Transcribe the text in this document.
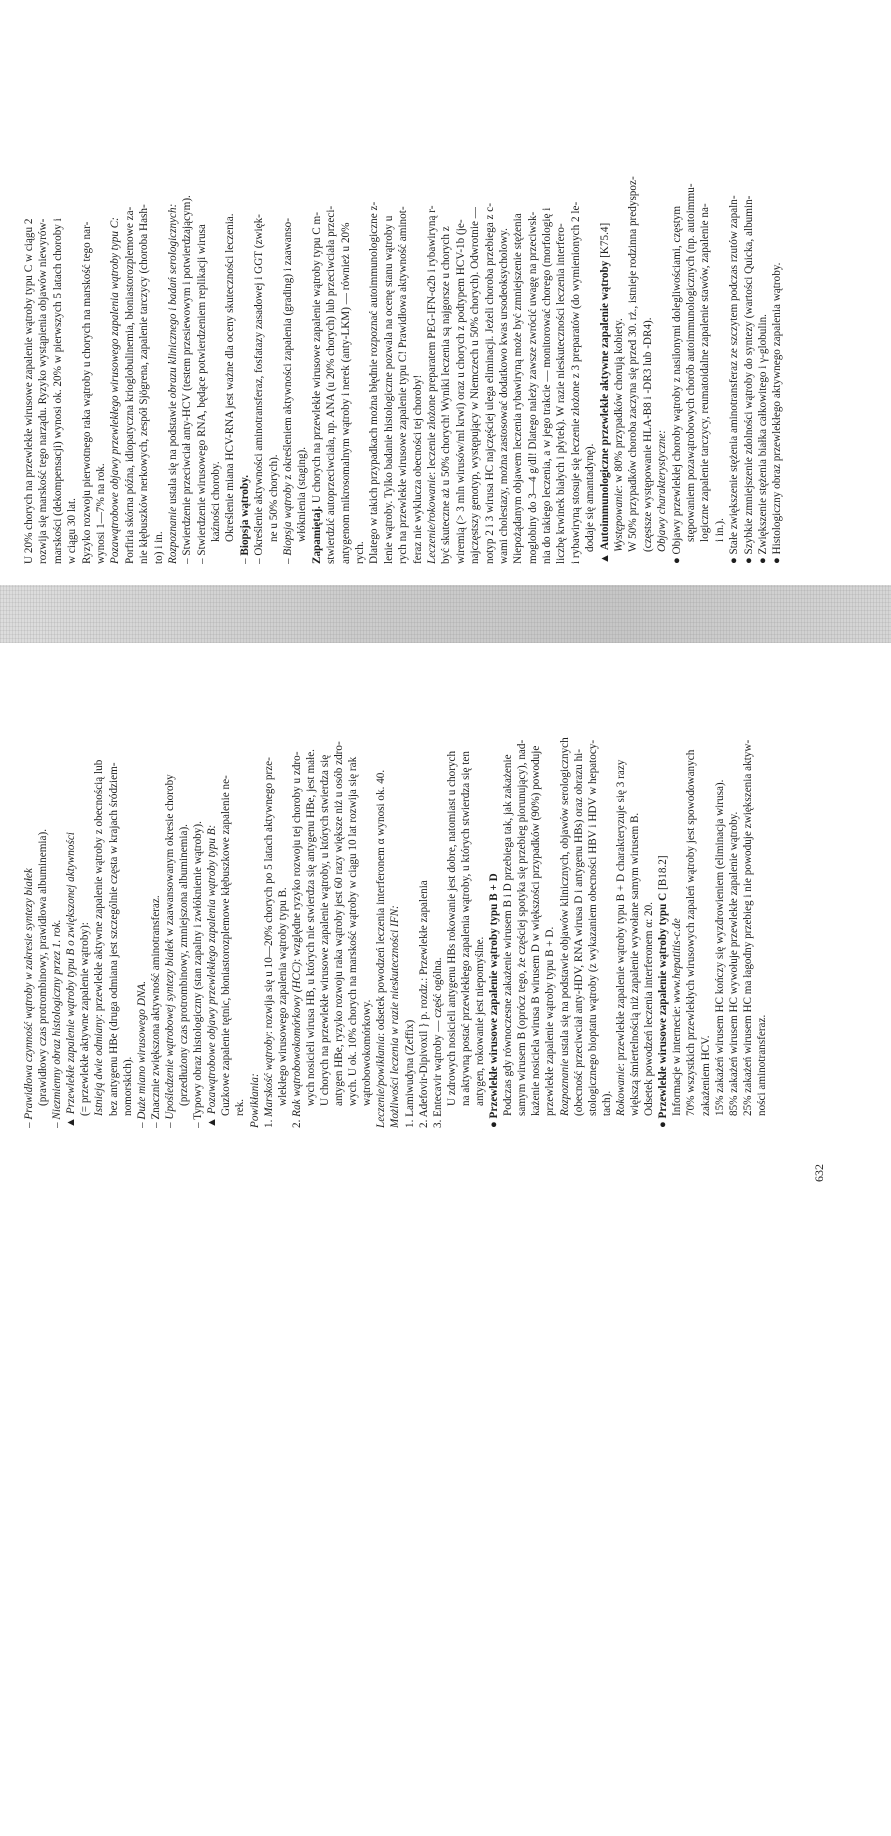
U 20% chorych na przewlekłe wirusowe zapalenie wątroby typu C w ciągu 2 rozwija się marskość tego narządu. Ryzyko wystąpienia objawów niewyrów- marskości (dekompensacji) wynosi ok. 20% w pierwszych 5 latach choroby i w ciągu 30 lat. Ryzyko rozwoju pierwotnego raka wątroby u chorych na marskość tego nar- wynosi 1—7% na rok. Pozawątrobowe objawy przewlekłego wirusowego zapalenia wątroby typu C: Porfiria skórna późna, idiopatyczna krioglobulinemia, błoniastorozplemowe za- nie kłębuszków nerkowych, zespół Sjögrena, zapalenie tarczycy (choroba Hash- to) i in. Rozpoznanie ustala się na podstawie obrazu klinicznego i badań serologicznych: – Stwierdzenie przeciwciał anty-HCV (testem przesiewowym i potwierdzającym). – Stwierdzenie wirusowego RNA, będące potwierdzeniem replikacji wirusa kaźności choroby. Określenie miana HCV-RNA jest ważne dla oceny skuteczności leczenia.
– Biopsja wątroby. – Określenie aktywności aminotransferaz, fosfatazy zasadowej i GGT (zwięk- ne u 50% chorych).
– Biopsja wątroby z określeniem aktywności zapalenia (grading) i zaawanso-
włóknienia (staging). Zapamiętaj. U chorych na przewlekłe wirusowe zapalenie wątroby typu C m- stwierdzić autoprzeciwciała, np. ANA (u 20% chorych) lub przeciwciała przeci- antygenom mikrosomalnym wątroby i nerek (anty-LKM) — również u 20% rych. Dlatego w takich przypadkach można błędnie rozpoznać autoimmunologiczne z- lenie wątroby. Tylko badanie histologiczne pozwala na ocenę stanu wątroby u rych na przewlekłe wirusowe zapalenie typu C! Prawidłowa aktywność aminot- feraz nie wyklucza obecności tej choroby! Leczenie/rokowanie: leczenie złożone preparatem PEG-IFN-α2b i rybawiryną r- być skuteczne aż u 50% chorych! Wyniki leczenia są najgorsze u chorych z wiremią (> 3 mln wirusów/ml krwi) oraz u chorych z podtypem HCV-1b (je- najczęstszy genotyp, występujący w Niemczech u 50% chorych). Odwrotnie — notyp 2 i 3 wirusa HC najczęściej ulega eliminacji. Jeżeli choroba przebiega z c- wami cholestazy, można zastosować dodatkowo kwas ursodeoksycholowy. Niepożądanym objawem leczenia rybawiryną może być zmniejszenie stężenia moglobiny do 3—4 g/dl! Dlatego należy zawsze zwrócić uwagę na przeciwsk- nia do takiego leczenia, a w jego trakcie — monitorować chorego (morfologię i liczbę krwinek białych i płytek). W razie nieskuteczności leczenia interfero- i rybawiryną stosuje się leczenie złożone z 3 preparatów (do wymienionych 2 le- dodaje się amantadynę).
▲ Autoimmunologiczne przewlekłe aktywne zapalenie wątroby [K75.4]
Występowanie: w 80% przypadków chorują kobiety. W 50% przypadków choroba zaczyna się przed 30. rż., istnieje rodzinna predyspoz- (częstsze występowanie HLA-B8 i -DR3 lub -DR4). Objawy charakterystyczne: ● Objawy przewlekłej choroby wątroby z nasilonymi dolegliwościami, częstym stępowaniem pozawątrobowych chorób autoimmunologicznych (np. autoimmu- logiczne zapalenie tarczycy, reumatoidalne zapalenie stawów, zapalenie na- i in.). ● Stałe zwiększenie stężenia aminotransferaz ze szczytem podczas rzutów zapaln- ● Szybkie zmniejszenie zdolności wątroby do syntezy (wartości Quicka, albumin- ● Zwiększenie stężenia białka całkowitego i γ-globulin. ● Histologiczny obraz przewlekłego aktywnego zapalenia wątroby.
– Prawidłowa czynność wątroby w zakresie syntezy białek (prawidłowy czas protrombinowy, prawidłowa albuminemia).
– Niezmienny obraz histologiczny przez 1. rok.
▲ Przewlekłe zapalenie wątroby typu B o zwiększonej aktywności (= przewlekłe aktywne zapalenie wątroby): Istnieją dwie odmiany: przewlekłe aktywne zapalenie wątroby z obecnością lub bez antygenu HBe (druga odmiana jest szczególnie częsta w krajach śródziem- nomorskich).
– Duże miano wirusowego DNA. – Znacznie zwiększona aktywność aminotransferaz. – Upośledzenie wątrobowej syntezy białek w zaawansowanym okresie choroby (przedłużony czas protrombinowy, zmniejszona albuminemia). – Typowy obraz histologiczny (stan zapalny i zwłóknienie wątroby). ▲ Pozawątrobowe objawy przewlekłego zapalenia wątroby typu B: Guzkowe zapalenie tętnic, błoniastorozplemowe kłębuszkowe zapalenie ne- rek. Powikłania: 1. Marskość wątroby: rozwija się u 10—20% chorych po 5 latach aktywnego prze- wlekłego wirusowego zapalenia wątroby typu B.
2. Rak wątrobowokomórkowy (HCC): względne ryzyko rozwoju tej choroby u zdro- wych nosicieli wirusa HB, u których nie stwierdza się antygenu HBe, jest małe. U chorych na przewlekłe wirusowe zapalenie wątroby, u których stwierdza się antygen HBe, ryzyko rozwoju raka wątroby jest 60 razy większe niż u osób zdro- wych. U ok. 10% chorych na marskość wątroby w ciągu 10 lat rozwija się rak wątrobowokomórkowy. Leczenie/powikłania: odsetek powodzeń leczenia interferonem α wynosi ok. 40. Możliwości leczenia w razie nieskuteczności IFN: 1. Lamiwudyna (Zeffix) 2. Adefovir-Dipivoxil } p. rozdz.: Przewlekłe zapalenia 3. Entecavir wątroby — część ogólna. U zdrowych nosicieli antygenu HBs rokowanie jest dobre, natomiast u chorych na aktywną postać przewlekłego zapalenia wątroby, u których stwierdza się ten antygen, rokowanie jest niepomyślne.
● Przewlekłe wirusowe zapalenie wątroby typu B + D Podczas gdy równoczesne zakażenie wirusem B i D przebiega tak, jak zakażenie samym wirusem B (oprócz tego, że częściej spotyka się przebieg piorunujący), nad- każenie nosiciela wirusa B wirusem D w większości przypadków (90%) powoduje przewlekłe zapalenie wątroby typu B + D. Rozpoznanie ustala się na podstawie objawów klinicznych, objawów serologicznych (obecność przeciwciał anty-HDV, RNA wirusa D i antygenu HBs) oraz obrazu hi- stologicznego bioptatu wątroby (z wykazaniem obecności HBV i HDV w hepatocy- tach). Rokowanie: przewlekłe zapalenie wątroby typu B + D charakteryzuje się 3 razy większą śmiertelnością niż zapalenie wywołane samym wirusem B. Odsetek powodzeń leczenia interferonem α: 20.
● Przewlekłe wirusowe zapalenie wątroby typu C [B18.2]
Informacje w internecie: www.hepatitis-c.de 70% wszystkich przewlekłych wirusowych zapaleń wątroby jest spowodowanych zakażeniem HCV. 15% zakażeń wirusem HC kończy się wyzdrowieniem (eliminacja wirusa). 85% zakażeń wirusem HC wywołuje przewlekłe zapalenie wątroby. 25% zakażeń wirusem HC ma łagodny przebieg i nie powoduje zwiększenia aktyw- ności aminotransferaz.
632
